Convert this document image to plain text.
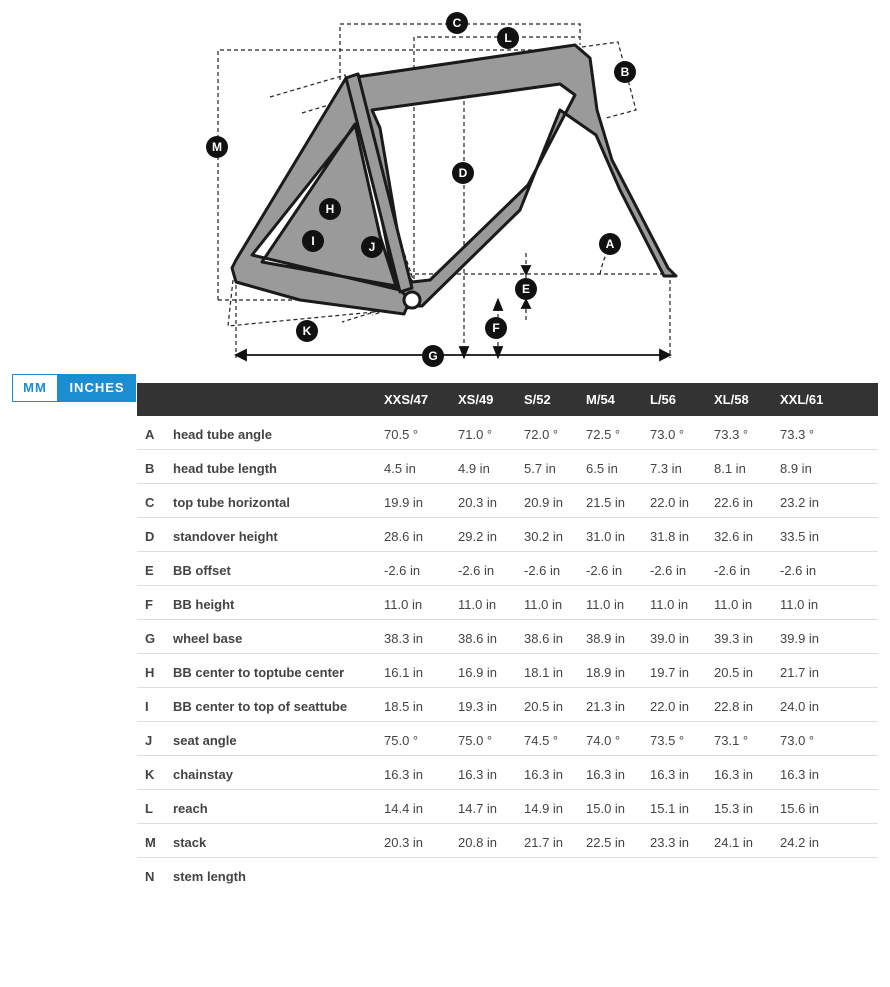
C
L
B
M
D
H
I	J	A
E
F
K
G
MM	INCHES
		XXS/47	XS/49	S/52	M/54	L/56	XL/58	XXL/61
A	head tube angle	70.5 °	71.0 °	72.0 °	72.5 °	73.0 °	73.3 °	73.3 °
B	head tube length	4.5 in	4.9 in	5.7 in	6.5 in	7.3 in	8.1 in	8.9 in
C	top tube horizontal	19.9 in	20.3 in	20.9 in	21.5 in	22.0 in	22.6 in	23.2 in
D	standover height	28.6 in	29.2 in	30.2 in	31.0 in	31.8 in	32.6 in	33.5 in
E	BB offset	-2.6 in	-2.6 in	-2.6 in	-2.6 in	-2.6 in	-2.6 in	-2.6 in
F	BB height	11.0 in	11.0 in	11.0 in	11.0 in	11.0 in	11.0 in	11.0 in
G	wheel base	38.3 in	38.6 in	38.6 in	38.9 in	39.0 in	39.3 in	39.9 in
H	BB center to toptube center	16.1 in	16.9 in	18.1 in	18.9 in	19.7 in	20.5 in	21.7 in
I	BB center to top of seattube	18.5 in	19.3 in	20.5 in	21.3 in	22.0 in	22.8 in	24.0 in
J	seat angle	75.0 °	75.0 °	74.5 °	74.0 °	73.5 °	73.1 °	73.0 °
K	chainstay	16.3 in	16.3 in	16.3 in	16.3 in	16.3 in	16.3 in	16.3 in
L	reach	14.4 in	14.7 in	14.9 in	15.0 in	15.1 in	15.3 in	15.6 in
M	stack	20.3 in	20.8 in	21.7 in	22.5 in	23.3 in	24.1 in	24.2 in
N	stem length							
